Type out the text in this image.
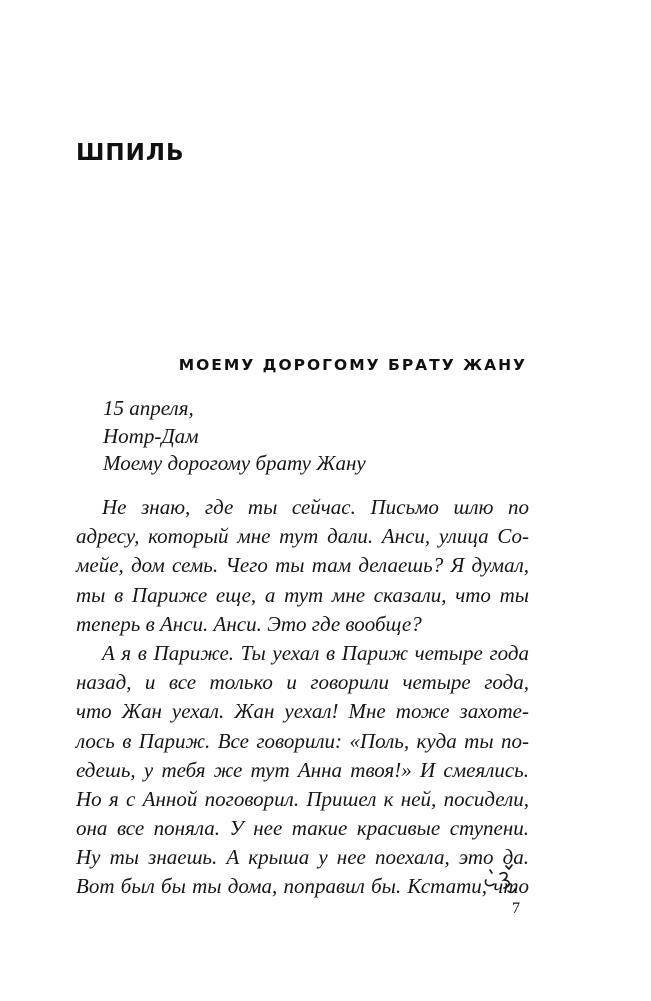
ШПИЛЬ
МОЕМУ ДОРОГОМУ БРАТУ ЖАНУ
15 апреля,
Нотр-Дам
Моему дорогому брату Жану
Не знаю, где ты сейчас. Письмо шлю по
адресу, который мне тут дали. Анси, улица Со-
мейе, дом семь. Чего ты там делаешь? Я думал,
ты в Париже еще, а тут мне сказали, что ты
теперь в Анси. Анси. Это где вообще?
А я в Париже. Ты уехал в Париж четыре года
назад, и все только и говорили четыре года,
что Жан уехал. Жан уехал! Мне тоже захоте-
лось в Париж. Все говорили: «Поль, куда ты по-
едешь, у тебя же тут Анна твоя!» И смеялись.
Но я с Анной поговорил. Пришел к ней, посидели,
она все поняла. У нее такие красивые ступени.
Ну ты знаешь. А крыша у нее поехала, это да.
Вот был бы ты дома, поправил бы. Кстати, что

7
